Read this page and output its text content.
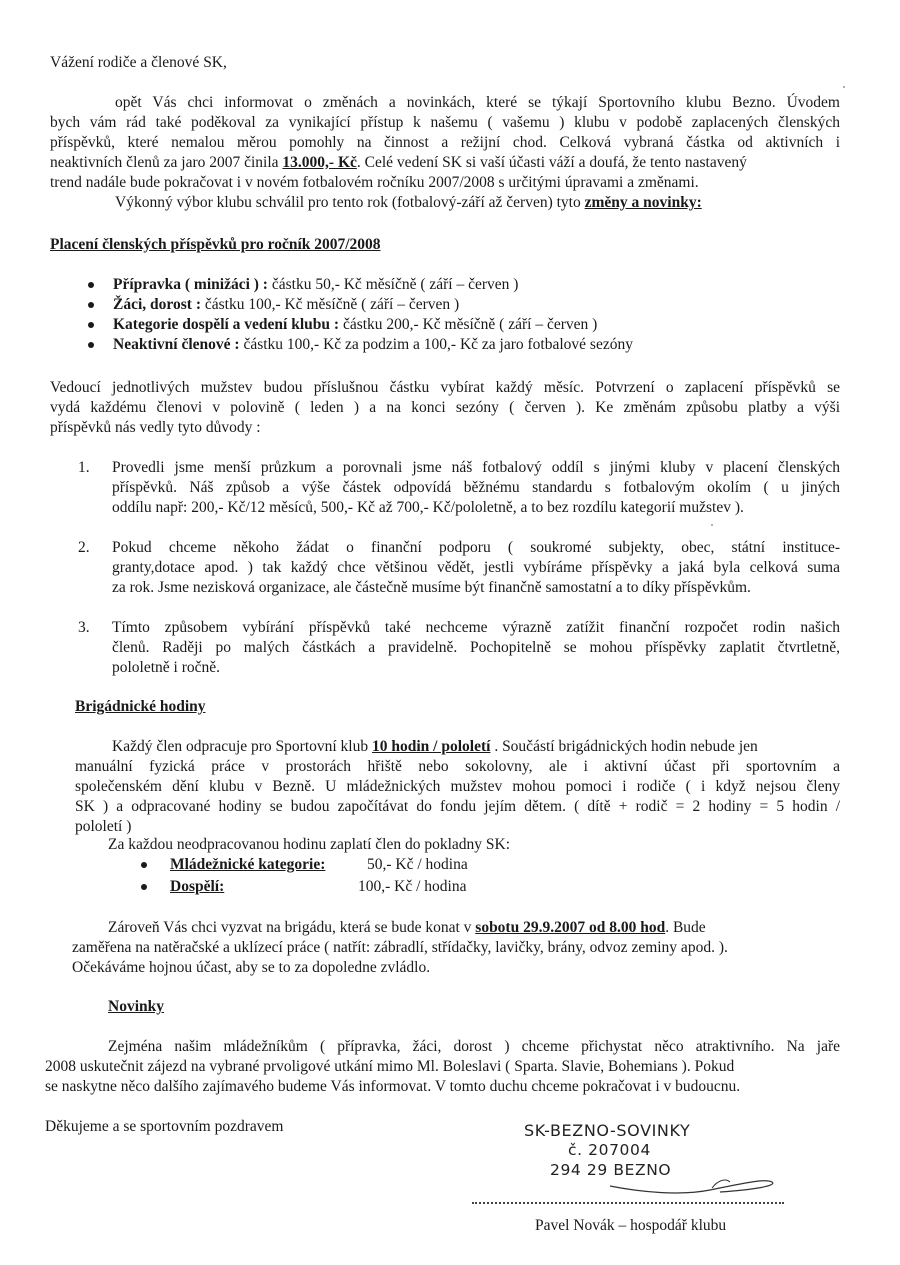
Vážení rodiče a členové SK,
opět Vás chci informovat o změnách a novinkách, které se týkají Sportovního klubu Bezno. Úvodem
bych vám rád také poděkoval za vynikající přístup k našemu ( vašemu ) klubu v podobě zaplacených členských
příspěvků, které nemalou měrou pomohly na činnost a režijní chod. Celková vybraná částka od aktivních i
neaktivních členů za jaro 2007 činila 13.000,- Kč. Celé vedení SK si vaší účasti váží a doufá, že tento nastavený
trend nadále bude pokračovat i v novém fotbalovém ročníku 2007/2008 s určitými úpravami a změnami.
Výkonný výbor klubu schválil pro tento rok (fotbalový-září až červen) tyto změny a novinky:
Placení členských příspěvků pro ročník 2007/2008
Přípravka ( minižáci ) : částku 50,- Kč měsíčně ( září – červen )
Žáci, dorost : částku 100,- Kč měsíčně ( září – červen )
Kategorie dospělí a vedení klubu : částku 200,- Kč měsíčně ( září – červen )
Neaktivní členové : částku 100,- Kč za podzim a 100,- Kč za jaro fotbalové sezóny
Vedoucí jednotlivých mužstev budou příslušnou částku vybírat každý měsíc. Potvrzení o zaplacení příspěvků se
vydá každému členovi v polovině ( leden ) a na konci sezóny ( červen ). Ke změnám způsobu platby a výši
příspěvků nás vedly tyto důvody :
1. Provedli jsme menší průzkum a porovnali jsme náš fotbalový oddíl s jinými kluby v placení členských
příspěvků. Náš způsob a výše částek odpovídá běžnému standardu s fotbalovým okolím ( u jiných
oddílu např: 200,- Kč/12 měsíců, 500,- Kč až 700,- Kč/pololetně, a to bez rozdílu kategorií mužstev ).
2. Pokud chceme někoho žádat o finanční podporu ( soukromé subjekty, obec, státní institucе-
granty,dotace apod. ) tak každý chce většinou vědět, jestli vybíráme příspěvky a jaká byla celková suma
za rok. Jsme nezisková organizace, ale částečně musíme být finančně samostatní a to díky příspěvkům.
3. Tímto způsobem vybírání příspěvků také nechceme výrazně zatížit finanční rozpočet rodin našich
členů. Raději po malých částkách a pravidelně. Pochopitelně se mohou příspěvky zaplatit čtvrtletně,
pololetně i ročně.
Brigádnické hodiny
Každý člen odpracuje pro Sportovní klub 10 hodin / pololetí . Součástí brigádnických hodin nebude jen
manuální fyzická práce v prostorách hřiště nebo sokolovny, ale i aktivní účast při sportovním a
společenském dění klubu v Bezně. U mládežnických mužstev mohou pomoci i rodiče ( i když nejsou členy
SK ) a odpracované hodiny se budou započítávat do fondu jejím dětem. ( dítě + rodič = 2 hodiny = 5 hodin /
pololetí )
Za každou neodpracovanou hodinu zaplatí člen do pokladny SK:
Mládežnické kategorie:	50,- Kč / hodina
Dospělí:	100,- Kč / hodina
Zároveň Vás chci vyzvat na brigádu, která se bude konat v sobotu 29.9.2007 od 8.00 hod. Bude
zaměřena na natěračské a uklízecí práce ( natřít: zábradlí, střídačky, lavičky, brány, odvoz zeminy apod. ).
Očekáváme hojnou účast, aby se to za dopoledne zvládlo.
Novinky
Zejména našim mládežníkům ( přípravka, žáci, dorost ) chceme přichystat něco atraktivního. Na jaře
2008 uskutečnit zájezd na vybrané prvoligové utkání mimo Ml. Boleslavi ( Sparta. Slavie, Bohemians ). Pokud
se naskytne něco dalšího zajímavého budeme Vás informovat. V tomto duchu chceme pokračovat i v budoucnu.
Děkujeme a se sportovním pozdravem	SK-BEZNO-SOVINKY
č. 207004
294 29 BEZNO
Pavel Novák – hospodář klubu
